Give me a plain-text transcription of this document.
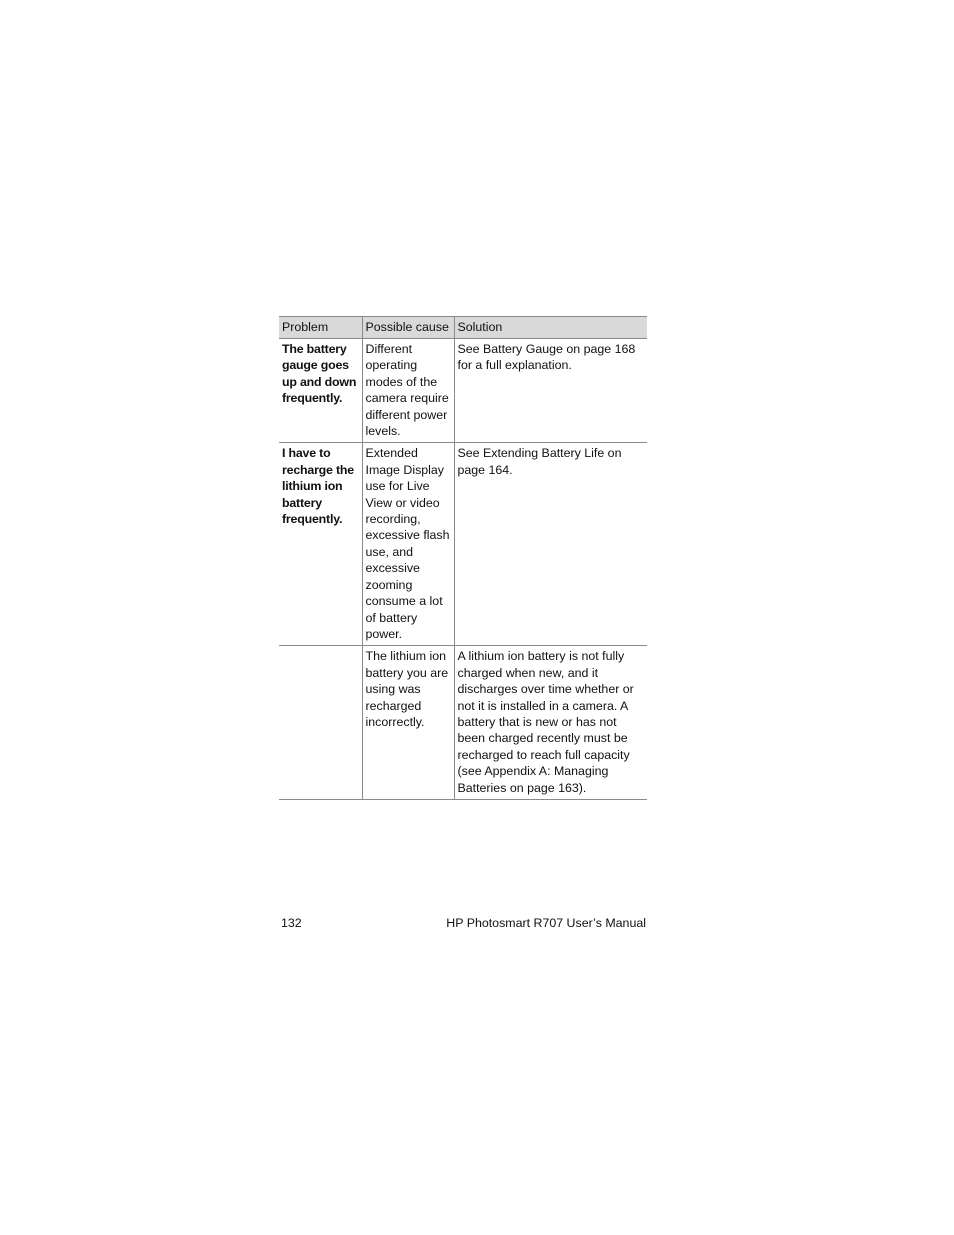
Problem	Possible cause	Solution
The battery gauge goes up and down frequently.	Different operating modes of the camera require different power levels.	See Battery Gauge on page 168 for a full explanation.
I have to recharge the lithium ion battery frequently.	Extended Image Display use for Live View or video recording, excessive flash use, and excessive zooming consume a lot of battery power.	See Extending Battery Life on page 164.
	The lithium ion battery you are using was recharged incorrectly.	A lithium ion battery is not fully charged when new, and it discharges over time whether or not it is installed in a camera. A battery that is new or has not been charged recently must be recharged to reach full capacity (see Appendix A: Managing Batteries on page 163).
132	HP Photosmart R707 User’s Manual
